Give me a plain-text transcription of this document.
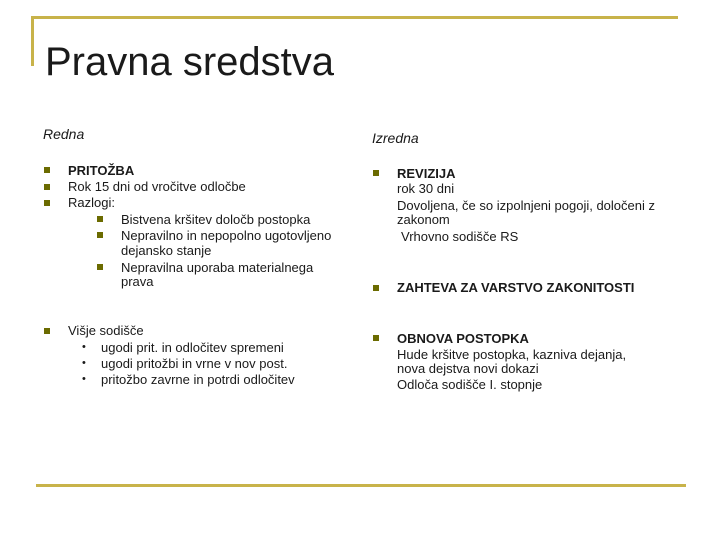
Pravna sredstva
Redna
PRITOŽBA
Rok 15 dni od vročitve odločbe
Razlogi:
Bistvena kršitev določb postopka
Nepravilno in nepopolno ugotovljeno
dejansko stanje
Nepravilna uporaba materialnega
prava
Višje sodišče
• ugodi prit. in odločitev spremeni
• ugodi pritožbi in vrne v nov post.
• pritožbo zavrne in potrdi odločitev
Izredna
REVIZIJA
rok 30 dni
Dovoljena, če so izpolnjeni pogoji, določeni z
zakonom
Vrhovno sodišče RS
ZAHTEVA ZA VARSTVO ZAKONITOSTI
OBNOVA POSTOPKA
Hude kršitve postopka, kazniva dejanja,
nova dejstva novi dokazi
Odloča sodišče I. stopnje
